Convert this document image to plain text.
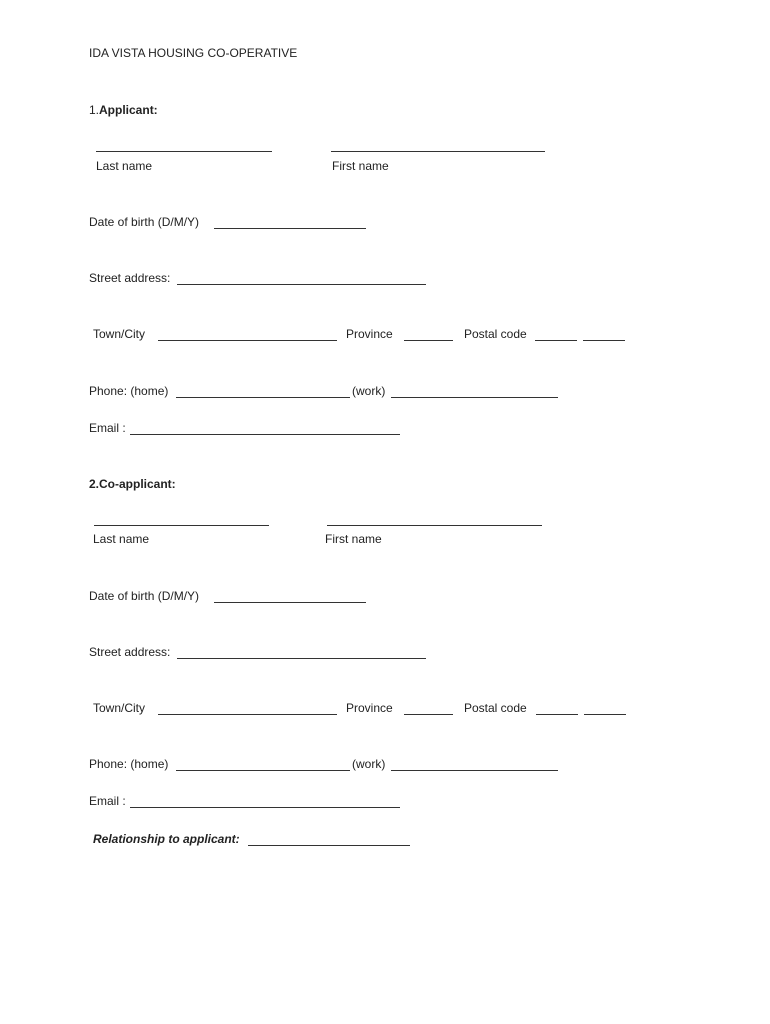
IDA VISTA HOUSING CO-OPERATIVE
1.Applicant:
Last name	First name
Date of birth (D/M/Y)
Street address:
Town/City	Province	Postal code
Phone: (home)	(work)
Email :
2.Co-applicant:
Last name	First name
Date of birth (D/M/Y)
Street address:
Town/City	Province	Postal code
Phone: (home)	(work)
Email :
Relationship to applicant:
